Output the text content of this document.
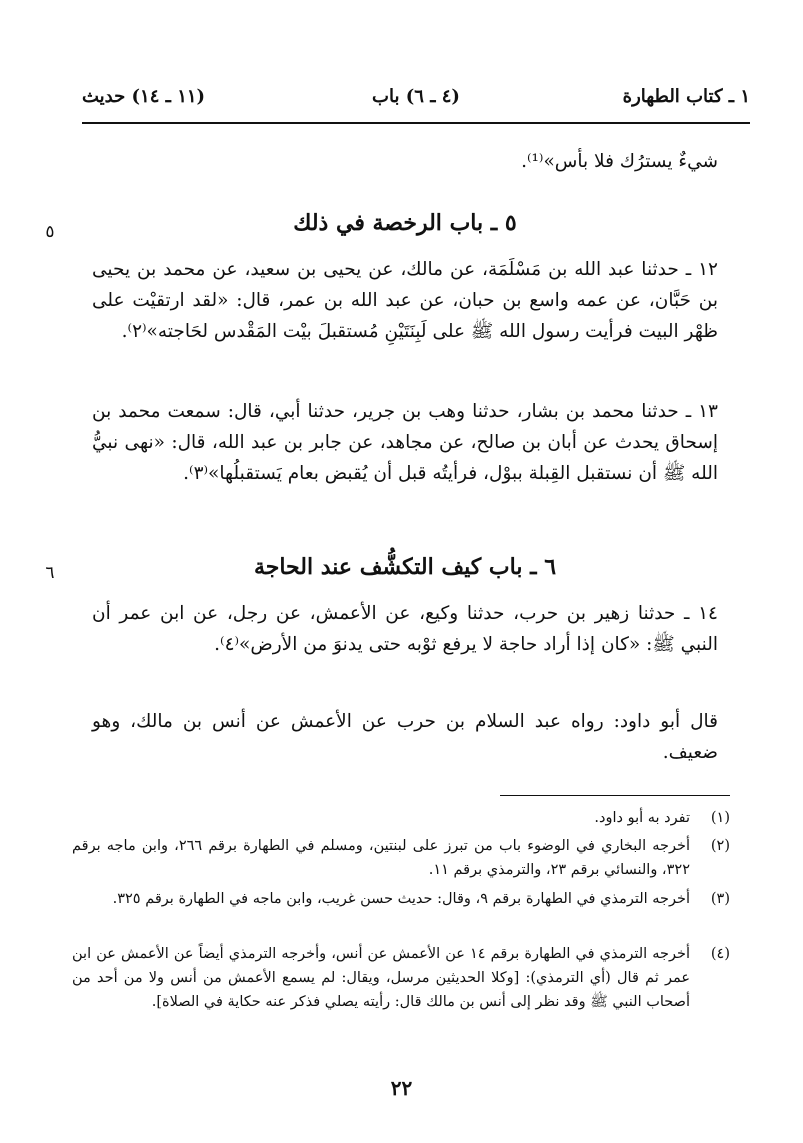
١ ـ كتاب الطهارة
(٤ ـ ٦) باب
(١١ ـ ١٤) حديث
شيءٌ يسترُك فلا بأس»⁽¹⁾.
٥	٥ ـ باب الرخصة في ذلك
١٢ ـ حدثنا عبد الله بن مَسْلَمَة، عن مالك، عن يحيى بن سعيد، عن محمد بن يحيى بن حَبَّان، عن عمه واسع بن حبان، عن عبد الله بن عمر، قال: «لقد ارتقيْت على ظهْر البيت فرأيت رسول الله ﷺ على لَبِنَتَيْنِ مُستقبلَ بيْت المَقْدس لحَاجته»⁽٢⁾.
١٣ ـ حدثنا محمد بن بشار، حدثنا وهب بن جرير، حدثنا أبي، قال: سمعت محمد بن إسحاق يحدث عن أبان بن صالح، عن مجاهد، عن جابر بن عبد الله، قال: «نهى نبيُّ الله ﷺ أن نستقبل القِبلة ببوْل، فرأيتُه قبل أن يُقبض بعام يَستقبلُها»⁽٣⁾.
٦	٦ ـ باب كيف التكشُّف عند الحاجة
١٤ ـ حدثنا زهير بن حرب، حدثنا وكيع، عن الأعمش، عن رجل، عن ابن عمر أن النبي ﷺ: «كان إذا أراد حاجة لا يرفع ثوْبه حتى يدنوَ من الأرض»⁽٤⁾.
قال أبو داود: رواه عبد السلام بن حرب عن الأعمش عن أنس بن مالك، وهو ضعيف.
(١)
تفرد به أبو داود.
(٢)
أخرجه البخاري في الوضوء باب من تبرز على لبنتين، ومسلم في الطهارة برقم ٢٦٦، وابن ماجه برقم ٣٢٢، والنسائي برقم ٢٣، والترمذي برقم ١١.
(٣)
أخرجه الترمذي في الطهارة برقم ٩، وقال: حديث حسن غريب، وابن ماجه في الطهارة برقم ٣٢٥.
(٤)
أخرجه الترمذي في الطهارة برقم ١٤ عن الأعمش عن أنس، وأخرجه الترمذي أيضاً عن الأعمش عن ابن عمر ثم قال (أي الترمذي): [وكلا الحديثين مرسل، ويقال: لم يسمع الأعمش من أنس ولا من أحد من أصحاب النبي ﷺ وقد نظر إلى أنس بن مالك قال: رأيته يصلي فذكر عنه حكاية في الصلاة].
٢٢
